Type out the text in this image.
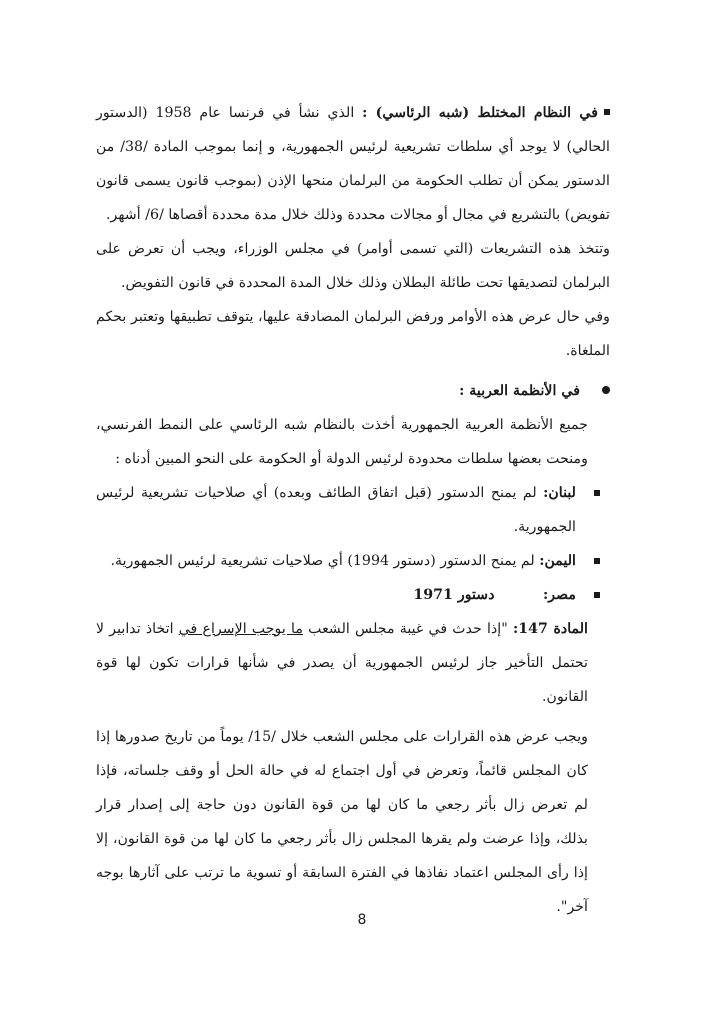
في النظام المختلط (شبه الرئاسي) : الذي نشأ في فرنسا عام 1958 (الدستور الحالي) لا يوجد أي سلطات تشريعية لرئيس الجمهورية، و إنما بموجب المادة /38/ من الدستور يمكن أن تطلب الحكومة من البرلمان منحها الإذن (بموجب قانون يسمى قانون تفويض) بالتشريع في مجال أو مجالات محددة وذلك خلال مدة محددة أقصاها /6/ أشهر.

وتتخذ هذه التشريعات (التي تسمى أوامر) في مجلس الوزراء، ويجب أن تعرض على البرلمان لتصديقها تحت طائلة البطلان وذلك خلال المدة المحددة في قانون التفويض.

وفي حال عرض هذه الأوامر ورفض البرلمان المصادقة عليها، يتوقف تطبيقها وتعتبر بحكم الملغاة.

في الأنظمة العربية :

جميع الأنظمة العربية الجمهورية أخذت بالنظام شبه الرئاسي على النمط الفرنسي، ومنحت بعضها سلطات محدودة لرئيس الدولة أو الحكومة على النحو المبين أدناه :

لبنان: لم يمنح الدستور (قبل اتفاق الطائف وبعده) أي صلاحيات تشريعية لرئيس الجمهورية.

اليمن: لم يمنح الدستور (دستور 1994) أي صلاحيات تشريعية لرئيس الجمهورية.

مصر: دستور 1971

المادة 147: "إذا حدث في غيبة مجلس الشعب ما يوجب الإسراع في اتخاذ تدابير لا تحتمل التأخير جاز لرئيس الجمهورية أن يصدر في شأنها قرارات تكون لها قوة القانون.

ويجب عرض هذه القرارات على مجلس الشعب خلال /15/ يوماً من تاريخ صدورها إذا كان المجلس قائماً، وتعرض في أول اجتماع له في حالة الحل أو وقف جلساته، فإذا لم تعرض زال بأثر رجعي ما كان لها من قوة القانون دون حاجة إلى إصدار قرار بذلك، وإذا عرضت ولم يقرها المجلس زال بأثر رجعي ما كان لها من قوة القانون، إلا إذا رأى المجلس اعتماد نفاذها في الفترة السابقة أو تسوية ما ترتب على آثارها بوجه آخر".

8
